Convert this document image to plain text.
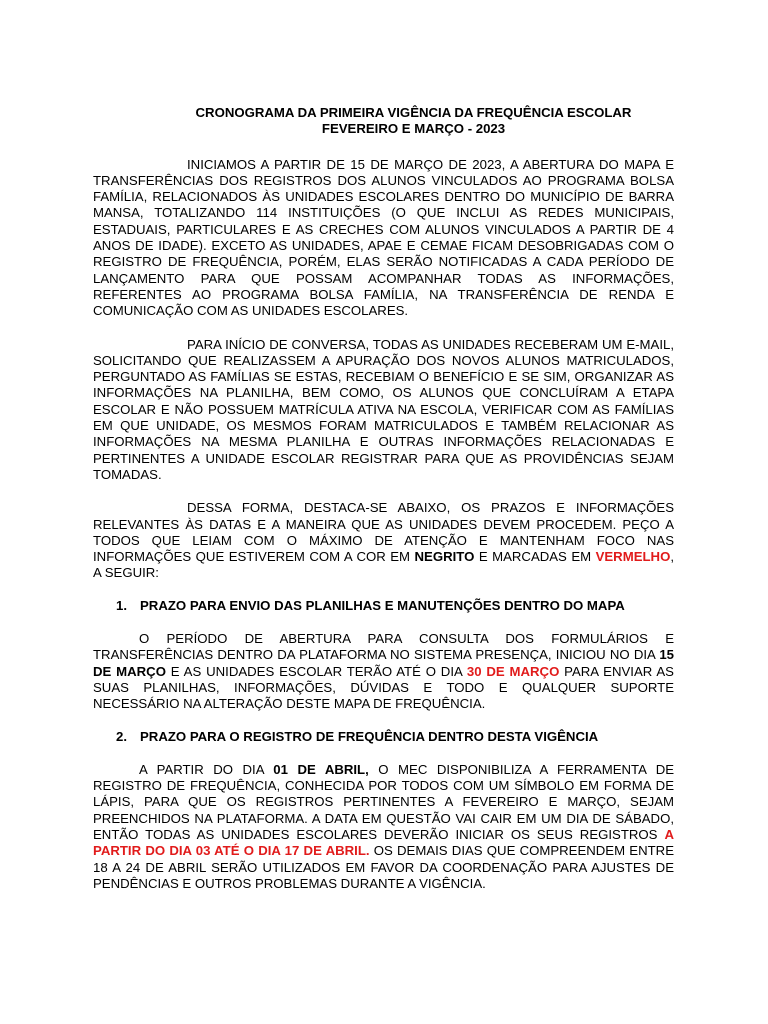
CRONOGRAMA DA PRIMEIRA VIGÊNCIA DA FREQUÊNCIA ESCOLAR

FEVEREIRO E MARÇO - 2023

INICIAMOS A PARTIR DE 15 DE MARÇO DE 2023, A ABERTURA DO MAPA E TRANSFERÊNCIAS DOS REGISTROS DOS ALUNOS VINCULADOS AO PROGRAMA BOLSA FAMÍLIA, RELACIONADOS ÀS UNIDADES ESCOLARES DENTRO DO MUNICÍPIO DE BARRA MANSA, TOTALIZANDO 114 INSTITUIÇÕES (O QUE INCLUI AS REDES MUNICIPAIS, ESTADUAIS, PARTICULARES E AS CRECHES COM ALUNOS VINCULADOS A PARTIR DE 4 ANOS DE IDADE). EXCETO AS UNIDADES, APAE E CEMAE FICAM DESOBRIGADAS COM O REGISTRO DE FREQUÊNCIA, PORÉM, ELAS SERÃO NOTIFICADAS A CADA PERÍODO DE LANÇAMENTO PARA QUE POSSAM ACOMPANHAR TODAS AS INFORMAÇÕES, REFERENTES AO PROGRAMA BOLSA FAMÍLIA, NA TRANSFERÊNCIA DE RENDA E COMUNICAÇÃO COM AS UNIDADES ESCOLARES.

PARA INÍCIO DE CONVERSA, TODAS AS UNIDADES RECEBERAM UM E-MAIL, SOLICITANDO QUE REALIZASSEM A APURAÇÃO DOS NOVOS ALUNOS MATRICULADOS, PERGUNTADO AS FAMÍLIAS SE ESTAS, RECEBIAM O BENEFÍCIO E SE SIM, ORGANIZAR AS INFORMAÇÕES NA PLANILHA, BEM COMO, OS ALUNOS QUE CONCLUÍRAM A ETAPA ESCOLAR E NÃO POSSUEM MATRÍCULA ATIVA NA ESCOLA, VERIFICAR COM AS FAMÍLIAS EM QUE UNIDADE, OS MESMOS FORAM MATRICULADOS E TAMBÉM RELACIONAR AS INFORMAÇÕES NA MESMA PLANILHA E OUTRAS INFORMAÇÕES RELACIONADAS E PERTINENTES A UNIDADE ESCOLAR REGISTRAR PARA QUE AS PROVIDÊNCIAS SEJAM TOMADAS.

DESSA FORMA, DESTACA-SE ABAIXO, OS PRAZOS E INFORMAÇÕES RELEVANTES ÀS DATAS E A MANEIRA QUE AS UNIDADES DEVEM PROCEDEM. PEÇO A TODOS QUE LEIAM COM O MÁXIMO DE ATENÇÃO E MANTENHAM FOCO NAS INFORMAÇÕES QUE ESTIVEREM COM A COR EM NEGRITO E MARCADAS EM VERMELHO, A SEGUIR:

1. PRAZO PARA ENVIO DAS PLANILHAS E MANUTENÇÕES DENTRO DO MAPA

O PERÍODO DE ABERTURA PARA CONSULTA DOS FORMULÁRIOS E TRANSFERÊNCIAS DENTRO DA PLATAFORMA NO SISTEMA PRESENÇA, INICIOU NO DIA 15 DE MARÇO E AS UNIDADES ESCOLAR TERÃO ATÉ O DIA 30 DE MARÇO PARA ENVIAR AS SUAS PLANILHAS, INFORMAÇÕES, DÚVIDAS E TODO E QUALQUER SUPORTE NECESSÁRIO NA ALTERAÇÃO DESTE MAPA DE FREQUÊNCIA.

2. PRAZO PARA O REGISTRO DE FREQUÊNCIA DENTRO DESTA VIGÊNCIA

A PARTIR DO DIA 01 DE ABRIL, O MEC DISPONIBILIZA A FERRAMENTA DE REGISTRO DE FREQUÊNCIA, CONHECIDA POR TODOS COM UM SÍMBOLO EM FORMA DE LÁPIS, PARA QUE OS REGISTROS PERTINENTES A FEVEREIRO E MARÇO, SEJAM PREENCHIDOS NA PLATAFORMA. A DATA EM QUESTÃO VAI CAIR EM UM DIA DE SÁBADO, ENTÃO TODAS AS UNIDADES ESCOLARES DEVERÃO INICIAR OS SEUS REGISTROS A PARTIR DO DIA 03 ATÉ O DIA 17 DE ABRIL. OS DEMAIS DIAS QUE COMPREENDEM ENTRE 18 A 24 DE ABRIL SERÃO UTILIZADOS EM FAVOR DA COORDENAÇÃO PARA AJUSTES DE PENDÊNCIAS E OUTROS PROBLEMAS DURANTE A VIGÊNCIA.
